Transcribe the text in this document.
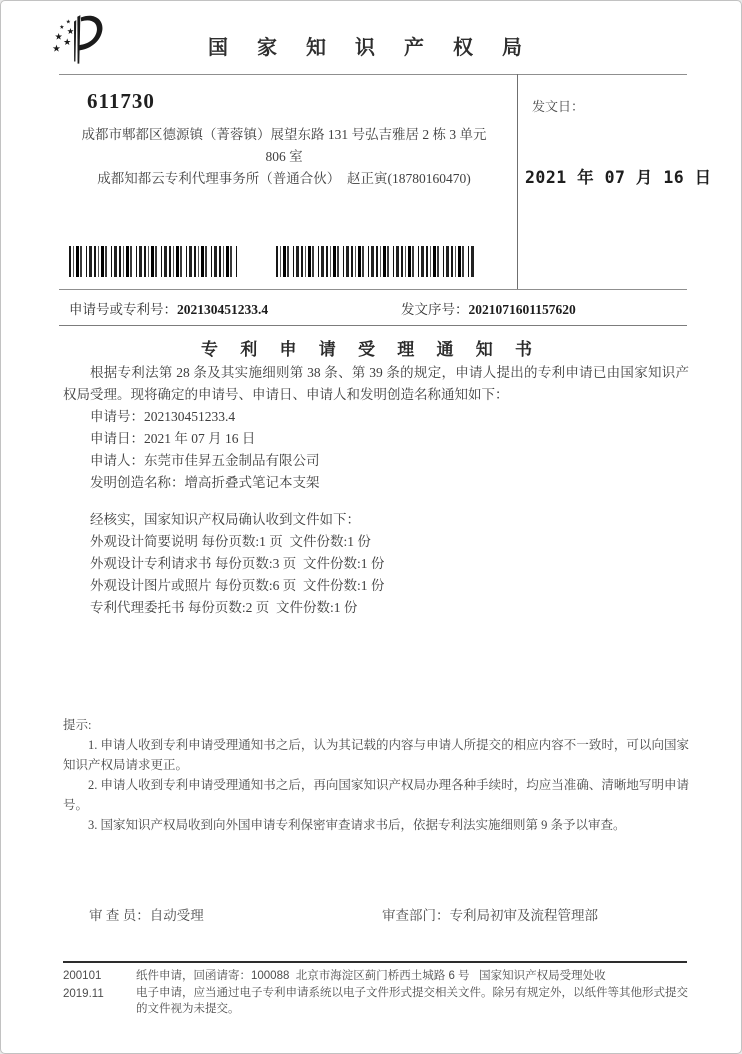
国 家 知 识 产 权 局
611730
成都市郫都区德源镇（菁蓉镇）展望东路 131 号弘吉雅居 2 栋 3 单元
806 室
成都知都云专利代理事务所（普通合伙）  赵正寅(18780160470)
发文日：
2021 年 07 月 16 日
申请号或专利号：202130451233.4	发文序号：2021071601157620
专 利 申 请 受 理 通 知 书

根据专利法第 28 条及其实施细则第 38 条、第 39 条的规定，申请人提出的专利申请已由国家知识产权局受理。现将确定的申请号、申请日、申请人和发明创造名称通知如下：

申请号：202130451233.4

申请日：2021 年 07 月 16 日

申请人：东莞市佳昇五金制品有限公司

发明创造名称：增高折叠式笔记本支架

经核实，国家知识产权局确认收到文件如下：

外观设计简要说明 每份页数:1 页  文件份数:1 份

外观设计专利请求书 每份页数:3 页  文件份数:1 份

外观设计图片或照片 每份页数:6 页  文件份数:1 份

专利代理委托书 每份页数:2 页  文件份数:1 份

提示:

1. 申请人收到专利申请受理通知书之后，认为其记载的内容与申请人所提交的相应内容不一致时，可以向国家知识产权局请求更正。

2. 申请人收到专利申请受理通知书之后，再向国家知识产权局办理各种手续时，均应当准确、清晰地写明申请号。

3. 国家知识产权局收到向外国申请专利保密审查请求书后，依据专利法实施细则第 9 条予以审查。

审 查 员：自动受理	审查部门：专利局初审及流程管理部
200101
2019.11

纸件申请，回函请寄：100088  北京市海淀区蓟门桥西土城路 6 号   国家知识产权局受理处收

电子申请，应当通过电子专利申请系统以电子文件形式提交相关文件。除另有规定外，以纸件等其他形式提交的文件视为未提交。
